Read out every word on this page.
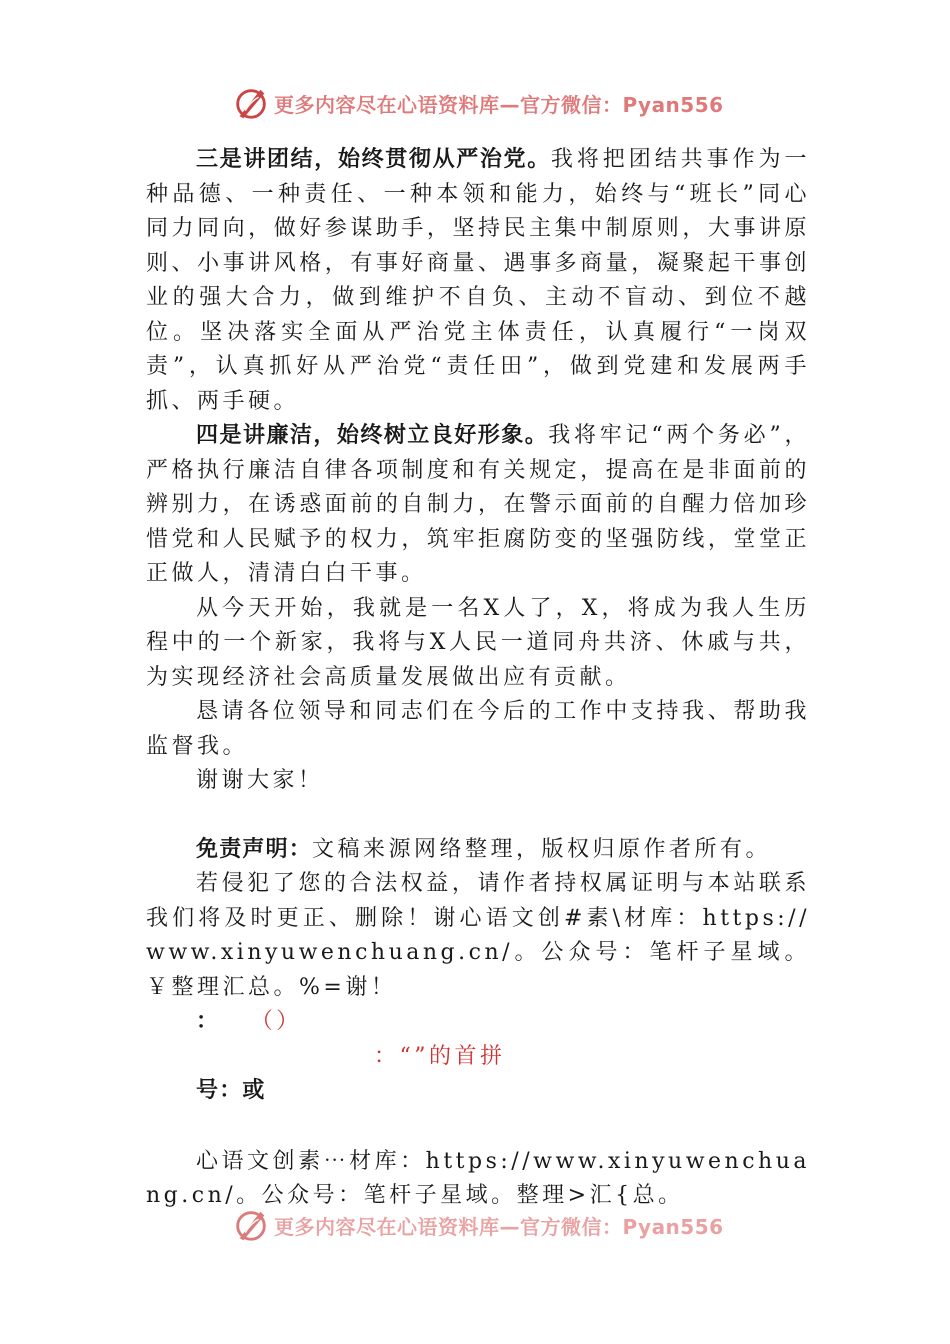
更多内容尽在心语资料库—官方微信：Pyan556

三是讲团结，始终贯彻从严治党。我将把团结共事作为一种品德、一种责任、一种本领和能力，始终与“班长”同心同力同向，做好参谋助手，坚持民主集中制原则，大事讲原则、小事讲风格，有事好商量、遇事多商量，凝聚起干事创业的强大合力，做到维护不自负、主动不盲动、到位不越位。坚决落实全面从严治党主体责任，认真履行“一岗双责”，认真抓好从严治党“责任田”，做到党建和发展两手抓、两手硬。

四是讲廉洁，始终树立良好形象。我将牢记“两个务必”，严格执行廉洁自律各项制度和有关规定，提高在是非面前的辨别力，在诱惑面前的自制力，在警示面前的自醒力倍加珍惜党和人民赋予的权力，筑牢拒腐防变的坚强防线，堂堂正正做人，清清白白干事。

从今天开始，我就是一名X人了，X，将成为我人生历程中的一个新家，我将与X人民一道同舟共济、休戚与共，为实现经济社会高质量发展做出应有贡献。

恳请各位领导和同志们在今后的工作中支持我、帮助我监督我。

谢谢大家！

免责声明：文稿来源网络整理，版权归原作者所有。

若侵犯了您的合法权益，请作者持权属证明与本站联系我们将及时更正、删除！谢心语文创#素\材库：https://www.xinyuwenchuang.cn/。公众号：笔杆子星域。￥整理汇总。%=谢！

： （）

：“”的首拼

号：或

心语文创素⋯材库：https://www.xinyuwenchuang.cn/。公众号：笔杆子星域。整理>汇{总。

更多内容尽在心语资料库—官方微信：Pyan556
